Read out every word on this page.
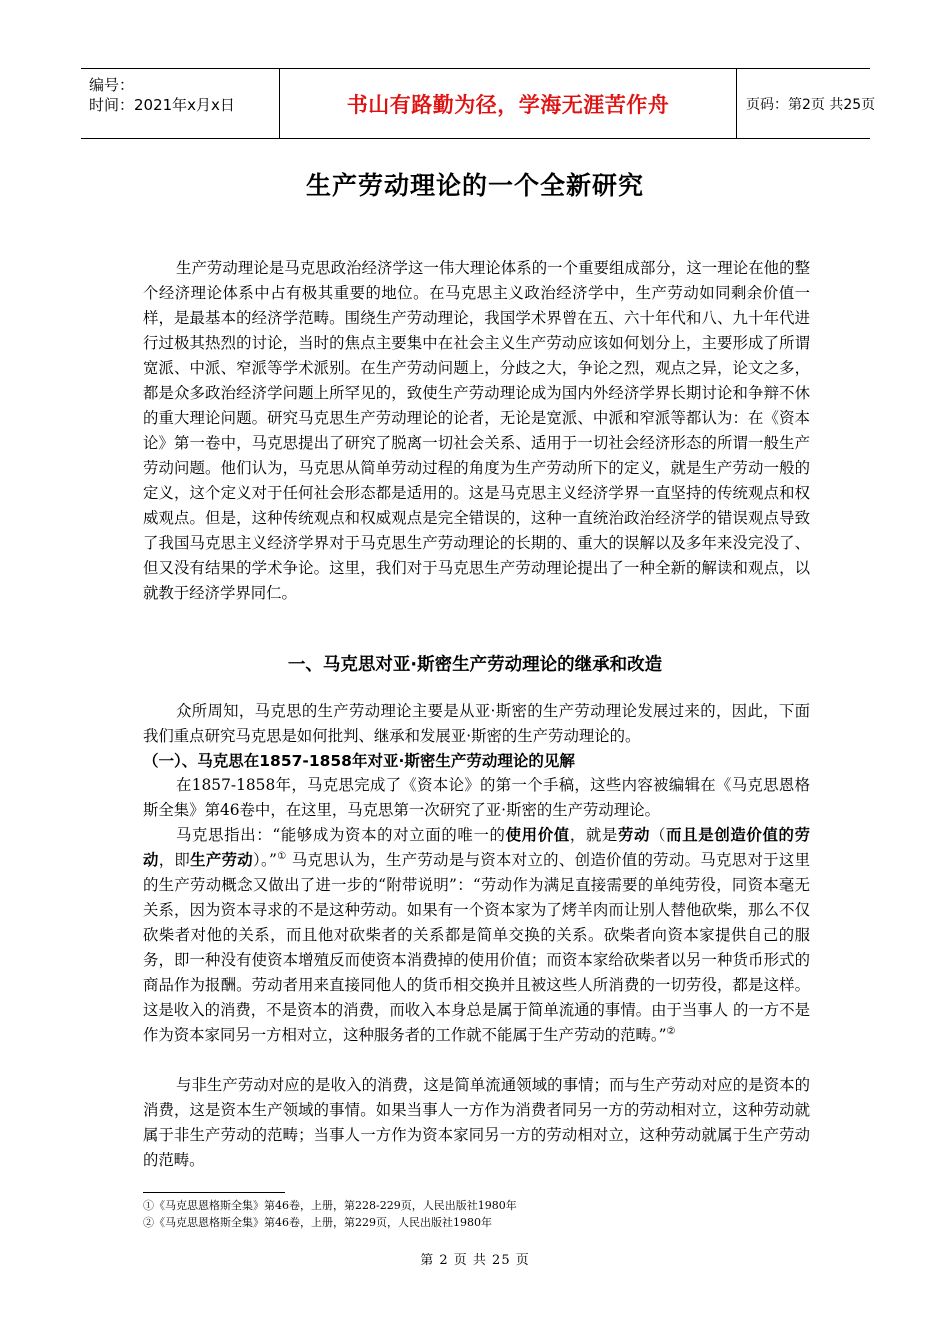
编号：
时间：2021年x月x日	书山有路勤为径，学海无涯苦作舟	页码：第2页 共25页
生产劳动理论的一个全新研究
生产劳动理论是马克思政治经济学这一伟大理论体系的一个重要组成部分，这一理论在他的整个经济理论体系中占有极其重要的地位。在马克思主义政治经济学中，生产劳动如同剩余价值一样，是最基本的经济学范畴。围绕生产劳动理论，我国学术界曾在五、六十年代和八、九十年代进行过极其热烈的讨论，当时的焦点主要集中在社会主义生产劳动应该如何划分上，主要形成了所谓宽派、中派、窄派等学术派别。在生产劳动问题上，分歧之大，争论之烈，观点之异，论文之多，都是众多政治经济学问题上所罕见的，致使生产劳动理论成为国内外经济学界长期讨论和争辩不休的重大理论问题。研究马克思生产劳动理论的论者，无论是宽派、中派和窄派等都认为：在《资本论》第一卷中，马克思提出了研究了脱离一切社会关系、适用于一切社会经济形态的所谓一般生产劳动问题。他们认为，马克思从简单劳动过程的角度为生产劳动所下的定义，就是生产劳动一般的定义，这个定义对于任何社会形态都是适用的。这是马克思主义经济学界一直坚持的传统观点和权威观点。但是，这种传统观点和权威观点是完全错误的，这种一直统治政治经济学的错误观点导致了我国马克思主义经济学界对于马克思生产劳动理论的长期的、重大的误解以及多年来没完没了、但又没有结果的学术争论。这里，我们对于马克思生产劳动理论提出了一种全新的解读和观点，以就教于经济学界同仁。
一、马克思对亚·斯密生产劳动理论的继承和改造
众所周知，马克思的生产劳动理论主要是从亚·斯密的生产劳动理论发展过来的，因此，下面我们重点研究马克思是如何批判、继承和发展亚·斯密的生产劳动理论的。
（一）、马克思在1857-1858年对亚·斯密生产劳动理论的见解
在1857-1858年，马克思完成了《资本论》的第一个手稿，这些内容被编辑在《马克思恩格斯全集》第46卷中，在这里，马克思第一次研究了亚·斯密的生产劳动理论。
马克思指出：“能够成为资本的对立面的唯一的使用价值，就是劳动（而且是创造价值的劳动，即生产劳动）。”① 马克思认为，生产劳动是与资本对立的、创造价值的劳动。马克思对于这里的生产劳动概念又做出了进一步的“附带说明”：“劳动作为满足直接需要的单纯劳役，同资本毫无关系，因为资本寻求的不是这种劳动。如果有一个资本家为了烤羊肉而让别人替他砍柴，那么不仅砍柴者对他的关系，而且他对砍柴者的关系都是简单交换的关系。砍柴者向资本家提供自己的服务，即一种没有使资本增殖反而使资本消费掉的使用价值；而资本家给砍柴者以另一种货币形式的商品作为报酬。劳动者用来直接同他人的货币相交换并且被这些人所消费的一切劳役，都是这样。这是收入的消费，不是资本的消费，而收入本身总是属于简单流通的事情。由于当事人 的一方不是作为资本家同另一方相对立，这种服务者的工作就不能属于生产劳动的范畴。”②
与非生产劳动对应的是收入的消费，这是简单流通领域的事情；而与生产劳动对应的是资本的消费，这是资本生产领域的事情。如果当事人一方作为消费者同另一方的劳动相对立，这种劳动就属于非生产劳动的范畴；当事人一方作为资本家同另一方的劳动相对立，这种劳动就属于生产劳动的范畴。
①《马克思恩格斯全集》第46卷，上册，第228-229页，人民出版社1980年
②《马克思恩格斯全集》第46卷，上册，第229页，人民出版社1980年
第 2 页 共 25 页
